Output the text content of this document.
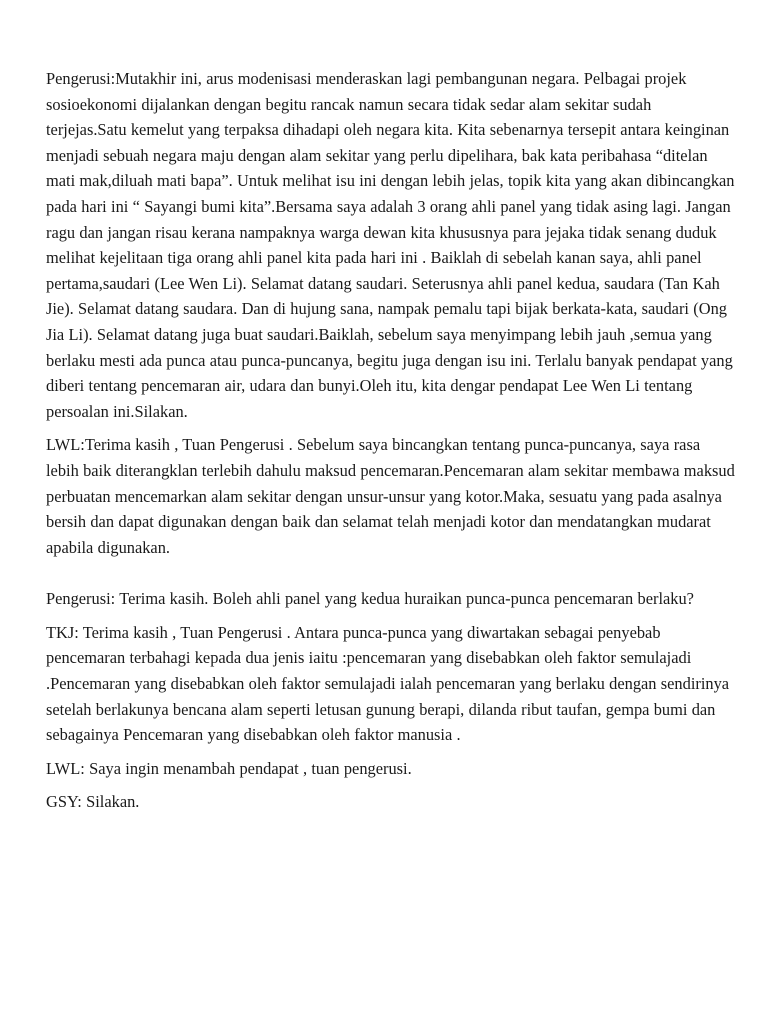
Pengerusi:Mutakhir ini, arus modenisasi menderaskan lagi pembangunan negara. Pelbagai projek sosioekonomi dijalankan dengan begitu rancak namun secara tidak sedar alam sekitar sudah terjejas.Satu kemelut yang terpaksa dihadapi oleh negara kita. Kita sebenarnya tersepit antara keinginan menjadi sebuah negara maju dengan alam sekitar yang perlu dipelihara, bak kata peribahasa “ditelan mati mak,diluah mati bapa”. Untuk melihat isu ini dengan lebih jelas, topik kita yang akan dibincangkan pada hari ini “ Sayangi bumi kita”.Bersama saya adalah 3 orang ahli panel yang tidak asing lagi. Jangan ragu dan jangan risau kerana nampaknya warga dewan kita khususnya para jejaka tidak senang duduk melihat kejelitaan tiga orang ahli panel kita pada hari ini . Baiklah di sebelah kanan saya, ahli panel pertama,saudari (Lee Wen Li). Selamat datang saudari. Seterusnya ahli panel kedua, saudara (Tan Kah Jie). Selamat datang saudara. Dan di hujung sana, nampak pemalu tapi bijak berkata-kata, saudari (Ong Jia Li). Selamat datang juga buat saudari.Baiklah, sebelum saya menyimpang lebih jauh ,semua yang berlaku mesti ada punca atau punca-puncanya, begitu juga dengan isu ini. Terlalu banyak pendapat yang diberi tentang pencemaran air, udara dan bunyi.Oleh itu, kita dengar pendapat Lee Wen Li tentang persoalan ini.Silakan.

LWL:Terima kasih , Tuan Pengerusi . Sebelum saya bincangkan tentang punca-puncanya, saya rasa lebih baik diterangklan terlebih dahulu maksud pencemaran.Pencemaran alam sekitar membawa maksud perbuatan mencemarkan alam sekitar dengan unsur-unsur yang kotor.Maka, sesuatu yang pada asalnya bersih dan dapat digunakan dengan baik dan selamat telah menjadi kotor dan mendatangkan mudarat apabila digunakan.

Pengerusi: Terima kasih. Boleh ahli panel yang kedua huraikan punca-punca pencemaran berlaku?

TKJ: Terima kasih , Tuan Pengerusi . Antara punca-punca yang diwartakan sebagai penyebab pencemaran terbahagi kepada dua jenis iaitu :pencemaran yang disebabkan oleh faktor semulajadi .Pencemaran yang disebabkan oleh faktor semulajadi ialah pencemaran yang berlaku dengan sendirinya setelah berlakunya bencana alam seperti letusan gunung berapi, dilanda ribut taufan, gempa bumi dan sebagainya Pencemaran yang disebabkan oleh faktor manusia .

LWL: Saya ingin menambah pendapat , tuan pengerusi.

GSY: Silakan.
